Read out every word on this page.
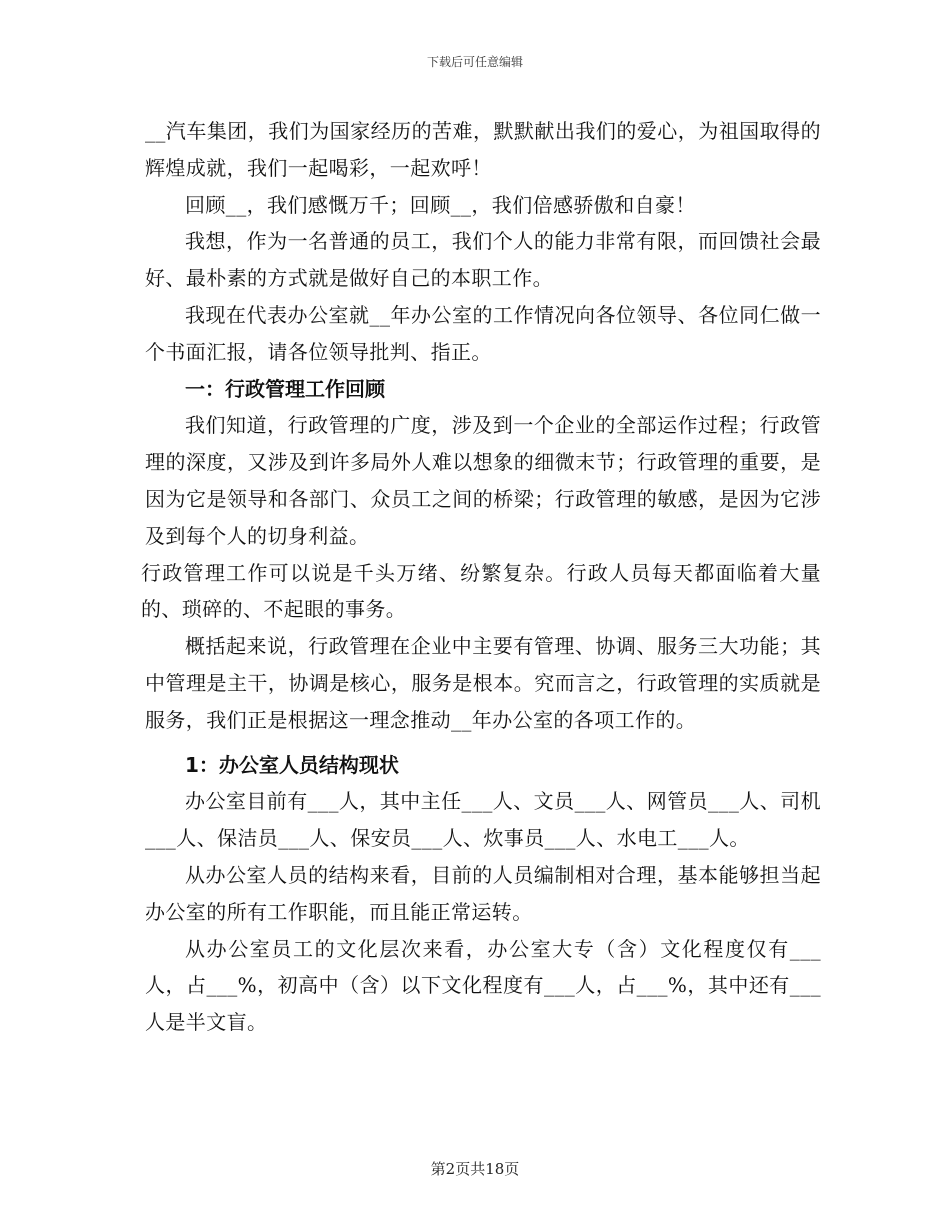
下载后可任意编辑

__汽车集团，我们为国家经历的苦难，默默献出我们的爱心，为祖国取得的辉煌成就，我们一起喝彩，一起欢呼！

回顾__，我们感慨万千；回顾__，我们倍感骄傲和自豪！

我想，作为一名普通的员工，我们个人的能力非常有限，而回馈社会最好、最朴素的方式就是做好自己的本职工作。

我现在代表办公室就__年办公室的工作情况向各位领导、各位同仁做一个书面汇报，请各位领导批判、指正。

一：行政管理工作回顾

我们知道，行政管理的广度，涉及到一个企业的全部运作过程；行政管理的深度，又涉及到许多局外人难以想象的细微末节；行政管理的重要，是因为它是领导和各部门、众员工之间的桥梁；行政管理的敏感，是因为它涉及到每个人的切身利益。

行政管理工作可以说是千头万绪、纷繁复杂。行政人员每天都面临着大量的、琐碎的、不起眼的事务。

概括起来说，行政管理在企业中主要有管理、协调、服务三大功能；其中管理是主干，协调是核心，服务是根本。究而言之，行政管理的实质就是服务，我们正是根据这一理念推动__年办公室的各项工作的。

1：办公室人员结构现状

办公室目前有___人，其中主任___人、文员___人、网管员___人、司机___人、保洁员___人、保安员___人、炊事员___人、水电工___人。

从办公室人员的结构来看，目前的人员编制相对合理，基本能够担当起办公室的所有工作职能，而且能正常运转。

从办公室员工的文化层次来看，办公室大专（含）文化程度仅有___人，占___%，初高中（含）以下文化程度有___人，占___%，其中还有___人是半文盲。

第2页共18页
